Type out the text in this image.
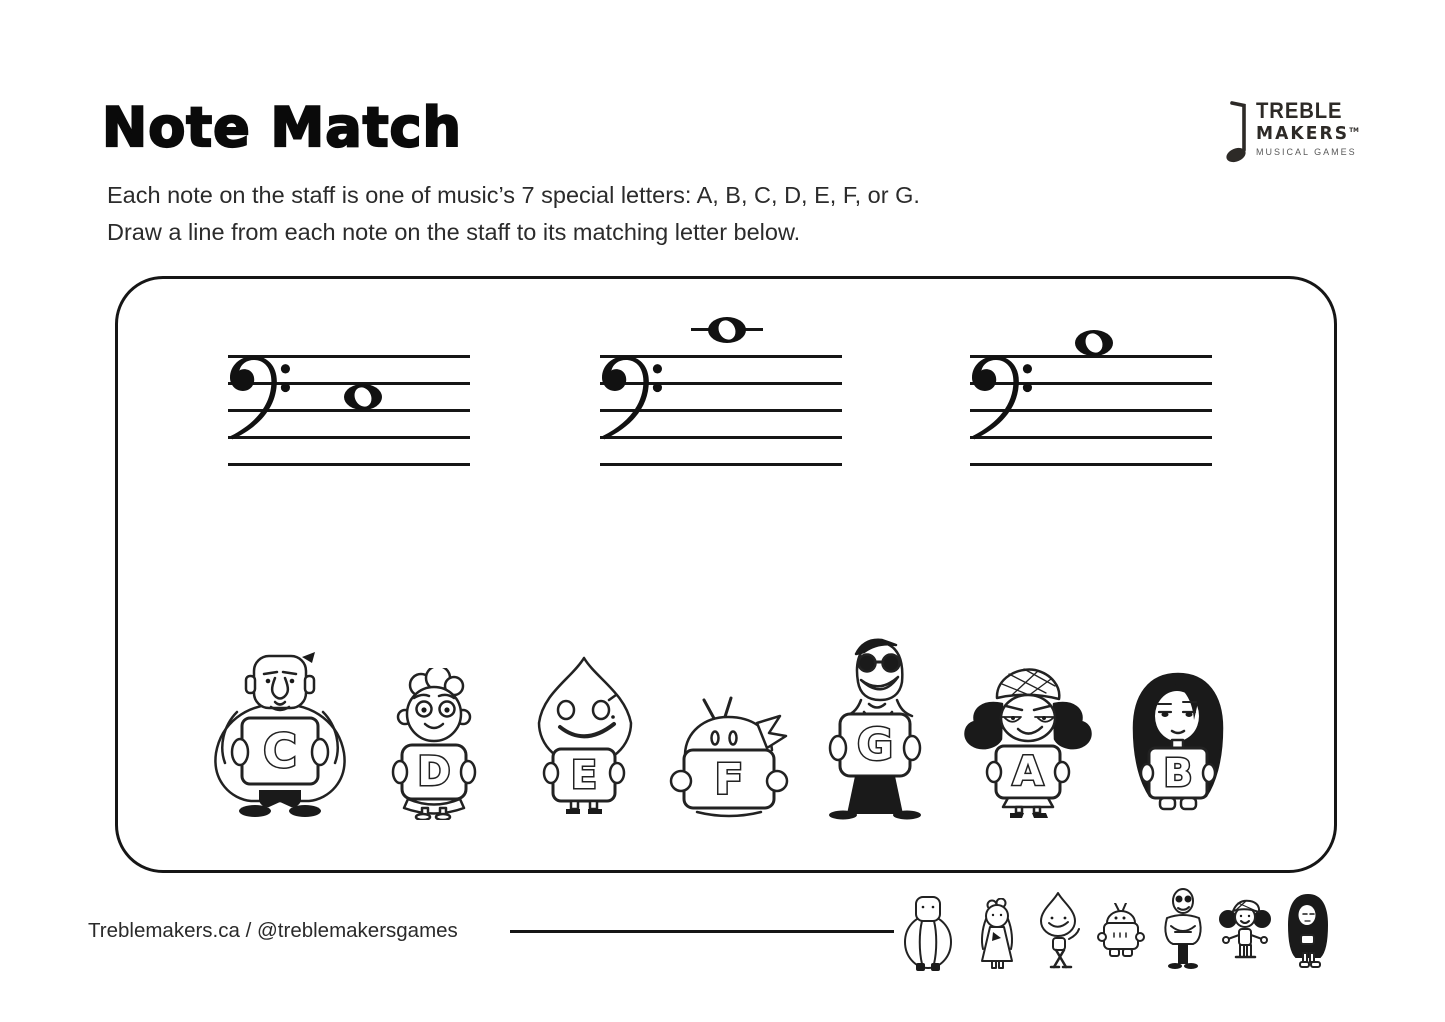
Note Match
Each note on the staff is one of music’s 7 special letters: A, B, C, D, E, F, or G.
Draw a line from each note on the staff to its matching letter below.
TREBLE
MAKERS™
MUSICAL GAMES
C	D	E	F
G
A	B
Treblemakers.ca / @treblemakersgames
